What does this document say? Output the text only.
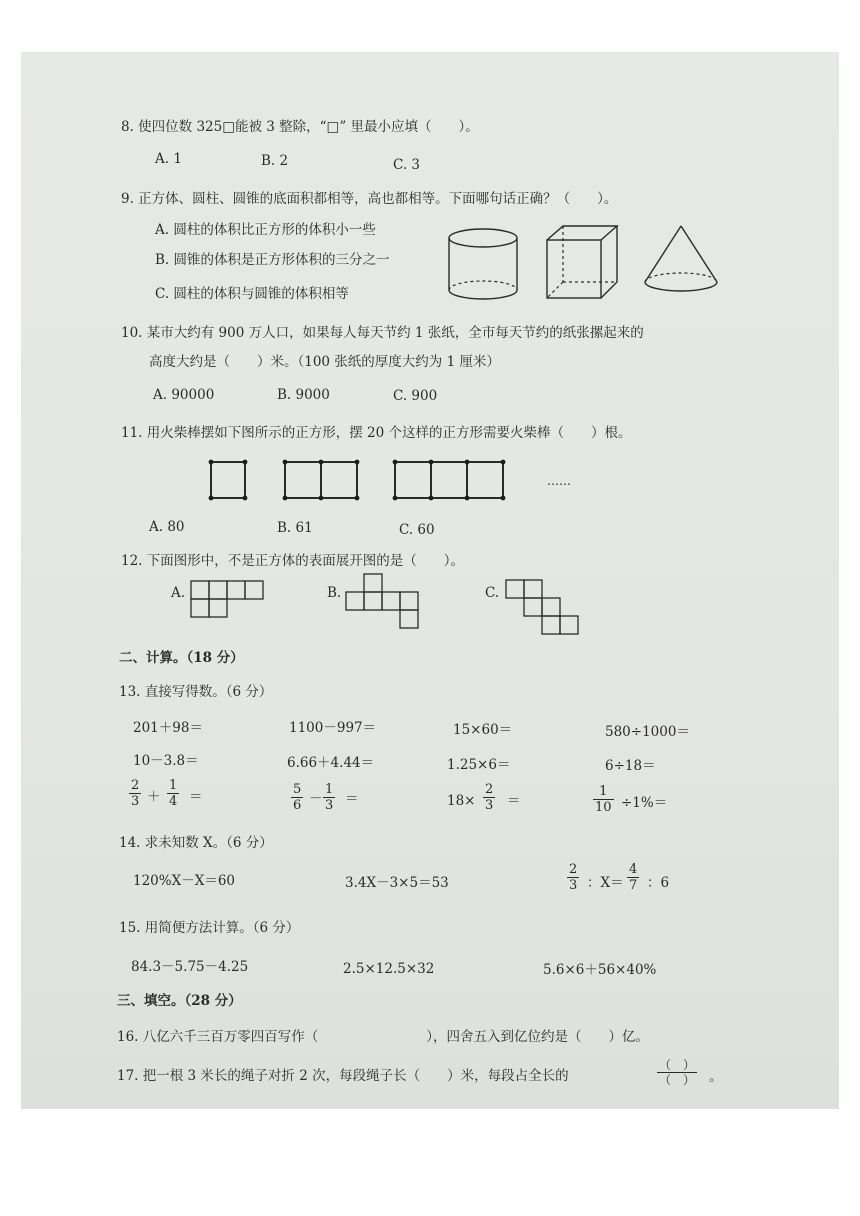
8. 使四位数 325□能被 3 整除，“□” 里最小应填（　　）。
A. 1	B. 2	C. 3
9. 正方体、圆柱、圆锥的底面积都相等，高也都相等。下面哪句话正确？（　　）。
A. 圆柱的体积比正方形的体积小一些
B. 圆锥的体积是正方形体积的三分之一
C. 圆柱的体积与圆锥的体积相等
10. 某市大约有 900 万人口，如果每人每天节约 1 张纸，全市每天节约的纸张摞起来的
高度大约是（　　）米。（100 张纸的厚度大约为 1 厘米）
A. 90000	B. 9000	C. 900
11. 用火柴棒摆如下图所示的正方形，摆 20 个这样的正方形需要火柴棒（　　）根。
……
A. 80	B. 61	C. 60
12. 下面图形中，不是正方体的表面展开图的是（　　）。
A.	B.	C.
二、计算。（18 分）
13. 直接写得数。（6 分）
201＋98＝	1100－997＝	15×60＝	580÷1000＝
10－3.8＝	6.66＋4.44＝	1.25×6＝	6÷18＝
$\frac{2}{3} + \frac{1}{4}$ ＝	$\frac{5}{6} - \frac{1}{3}$ ＝	$18\times \frac{2}{3}$ ＝	$\frac{1}{10} \div 1\%=$
14. 求未知数 X。（6 分）
120%X－X＝60	3.4X－3×5＝53	$\frac{2}{3}$ ：$X= \frac{4}{7}$ ：6
15. 用简便方法计算。（6 分）
84.3－5.75－4.25	2.5×12.5×32	5.6×6＋56×40%
三、填空。（28 分）
16. 八亿六千三百万零四百写作（　　　　　　　　），四舍五入到亿位约是（　　）亿。
17. 把一根 3 米长的绳子对折 2 次，每段绳子长（　　）米，每段占全长的
（　）
（　） 。
